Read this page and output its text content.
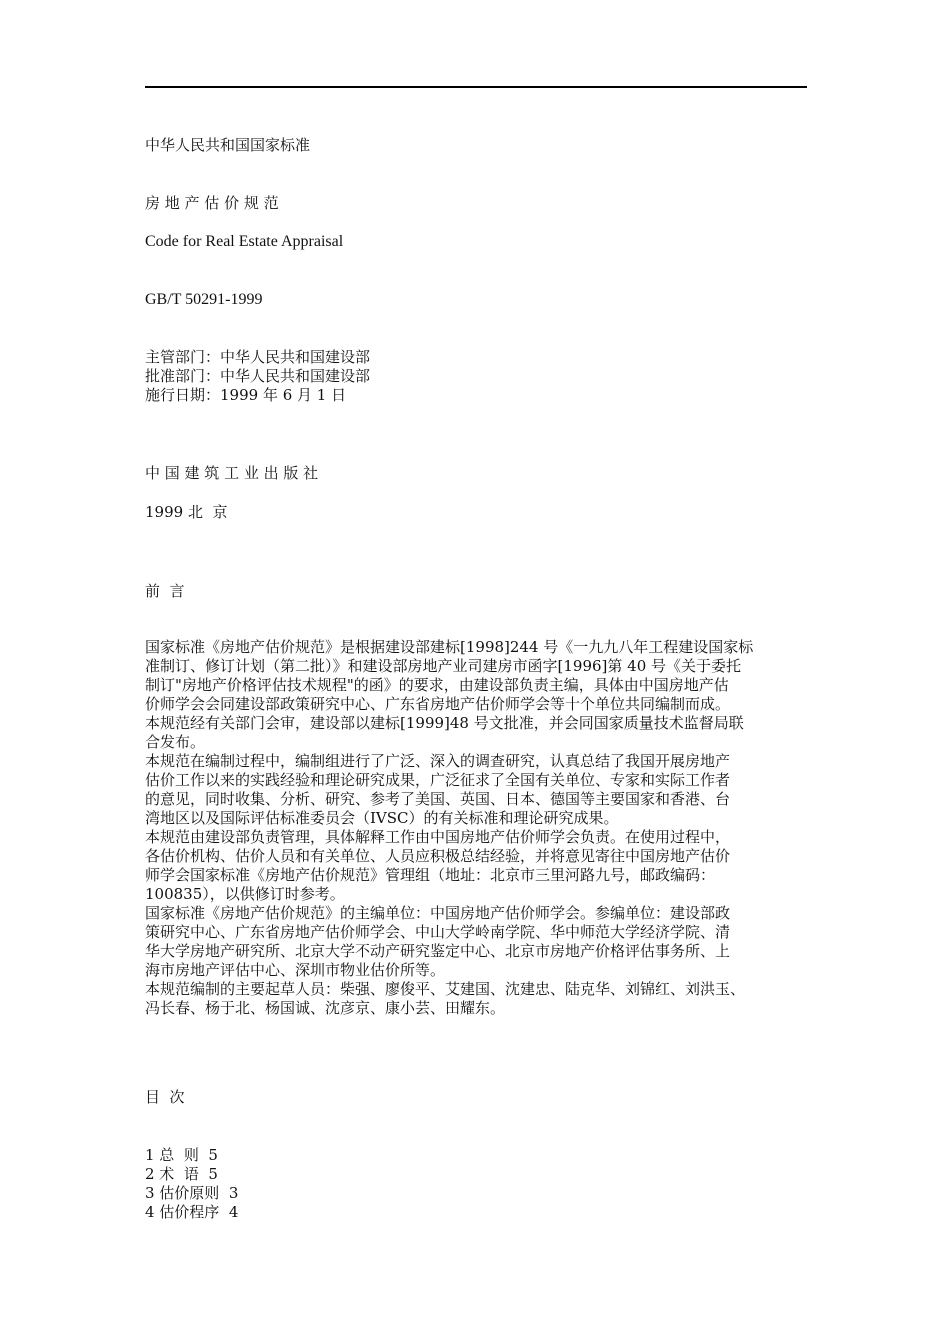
中华人民共和国国家标准
房 地 产 估 价 规 范
Code for Real Estate Appraisal
GB/T 50291-1999
主管部门：中华人民共和国建设部
批准部门：中华人民共和国建设部
施行日期：1999 年 6 月 1 日
中 国 建 筑 工 业 出 版 社
1999 北  京
前  言

国家标准《房地产估价规范》是根据建设部建标[1998]244 号《一九九八年工程建设国家标

准制订、修订计划（第二批）》和建设部房地产业司建房市函字[1996]第 40 号《关于委托

制订"房地产价格评估技术规程"的函》的要求，由建设部负责主编，具体由中国房地产估

价师学会会同建设部政策研究中心、广东省房地产估价师学会等十个单位共同编制而成。

本规范经有关部门会审，建设部以建标[1999]48 号文批准，并会同国家质量技术监督局联

合发布。

本规范在编制过程中，编制组进行了广泛、深入的调查研究，认真总结了我国开展房地产

估价工作以来的实践经验和理论研究成果，广泛征求了全国有关单位、专家和实际工作者

的意见，同时收集、分析、研究、参考了美国、英国、日本、德国等主要国家和香港、台

湾地区以及国际评估标准委员会（IVSC）的有关标准和理论研究成果。

本规范由建设部负责管理，具体解释工作由中国房地产估价师学会负责。在使用过程中，

各估价机构、估价人员和有关单位、人员应积极总结经验，并将意见寄往中国房地产估价

师学会国家标准《房地产估价规范》管理组（地址：北京市三里河路九号，邮政编码：

100835），以供修订时参考。

国家标准《房地产估价规范》的主编单位：中国房地产估价师学会。参编单位：建设部政

策研究中心、广东省房地产估价师学会、中山大学岭南学院、华中师范大学经济学院、清

华大学房地产研究所、北京大学不动产研究鉴定中心、北京市房地产价格评估事务所、上

海市房地产评估中心、深圳市物业估价所等。

本规范编制的主要起草人员：柴强、廖俊平、艾建国、沈建忠、陆克华、刘锦红、刘洪玉、

冯长春、杨于北、杨国诚、沈彦京、康小芸、田耀东。

目  次

1 总  则  5

2 术  语  5

3 估价原则  3

4 估价程序  4
